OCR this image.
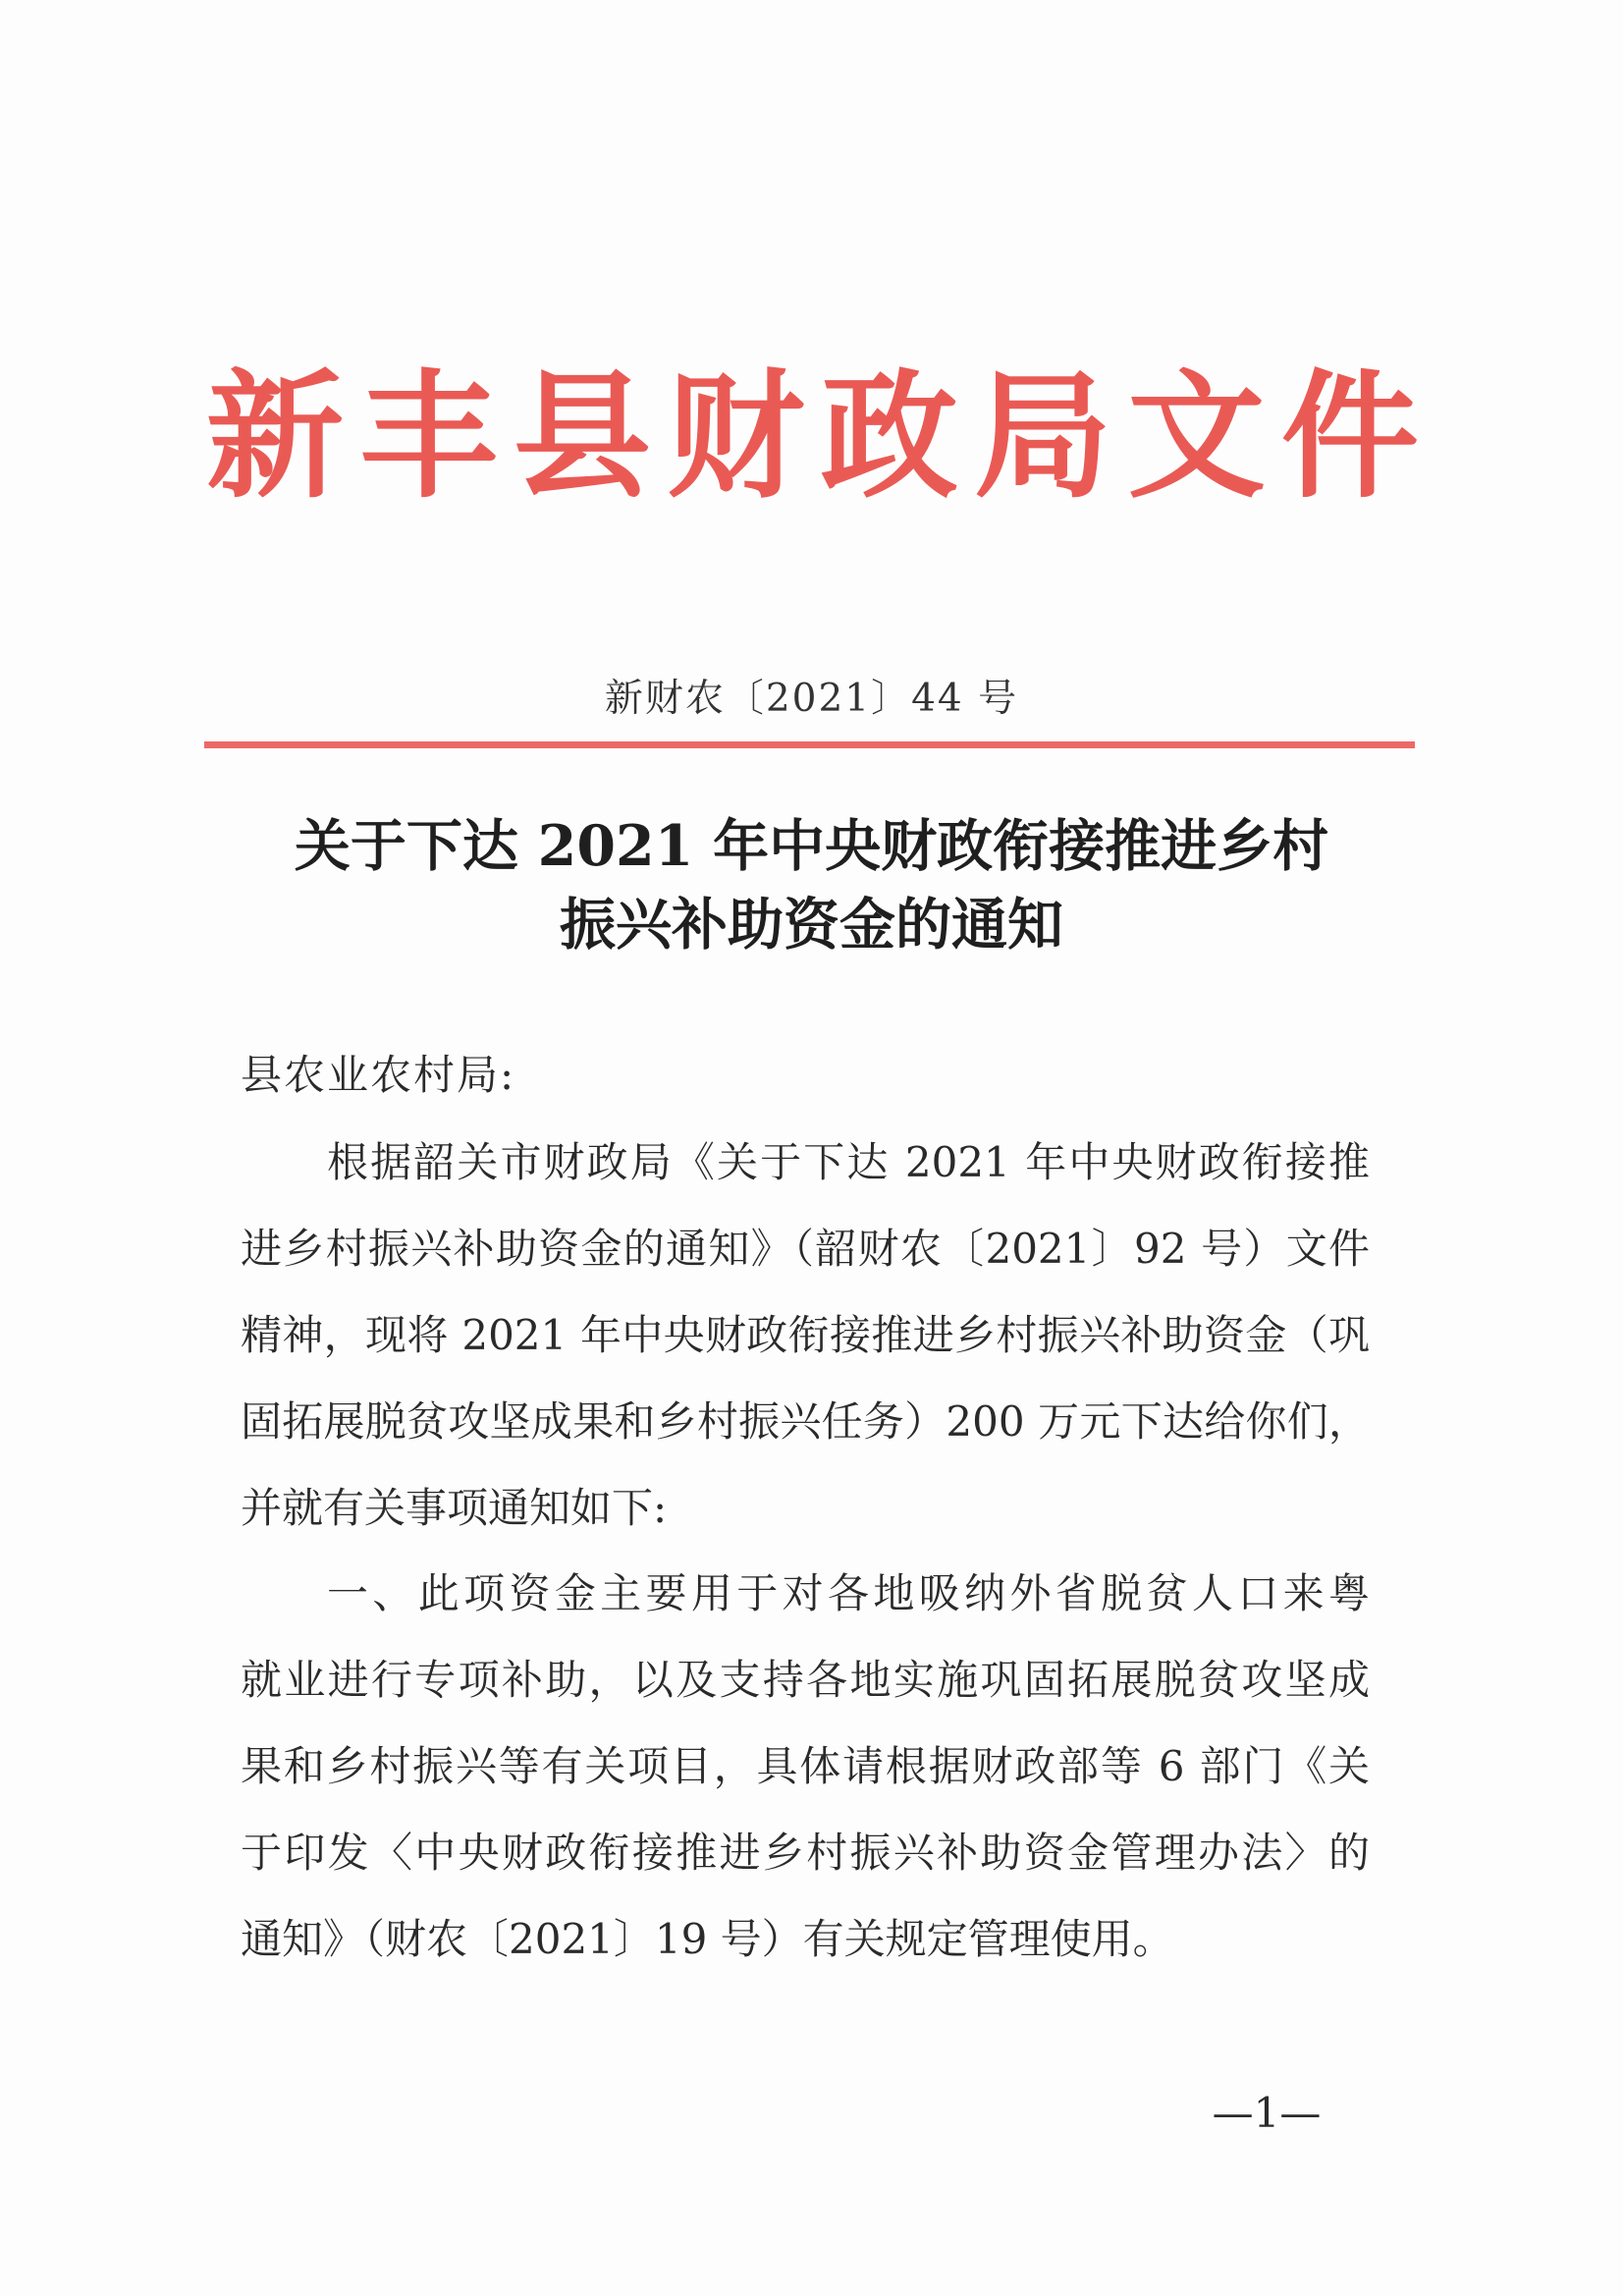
新 丰 县 财 政 局 文 件
新财农〔2021〕44 号
关于下达 2021 年中央财政衔接推进乡村
振兴补助资金的通知
县农业农村局:
根据韶关市财政局《关于下达 2021 年中央财政衔接推
进乡村振兴补助资金的通知》（韶财农〔2021〕92 号）文件
精神，现将 2021 年中央财政衔接推进乡村振兴补助资金（巩
固拓展脱贫攻坚成果和乡村振兴任务）200 万元下达给你们，
并就有关事项通知如下:
一、此项资金主要用于对各地吸纳外省脱贫人口来粤
就业进行专项补助，以及支持各地实施巩固拓展脱贫攻坚成
果和乡村振兴等有关项目，具体请根据财政部等 6 部门《关
于印发〈中央财政衔接推进乡村振兴补助资金管理办法〉的
通知》（财农〔2021〕19 号）有关规定管理使用。
—1—
